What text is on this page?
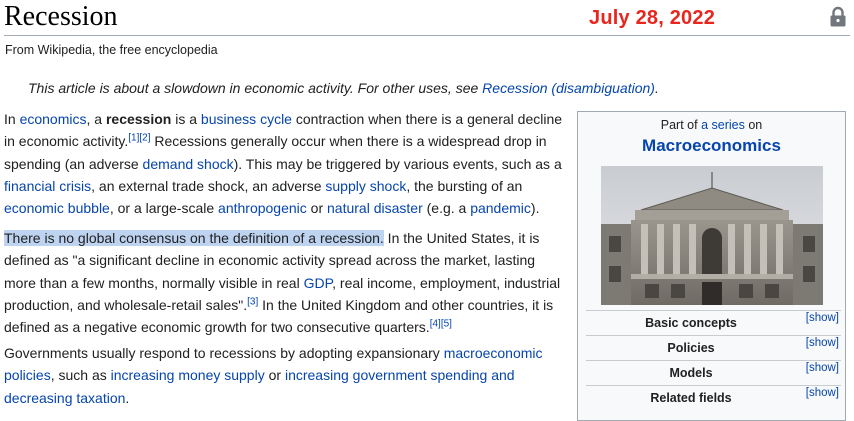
Recession	July 28, 2022
From Wikipedia, the free encyclopedia
This article is about a slowdown in economic activity. For other uses, see Recession (disambiguation).
In economics, a recession is a business cycle contraction when there is a general decline in economic activity.[1][2] Recessions generally occur when there is a widespread drop in spending (an adverse demand shock). This may be triggered by various events, such as a financial crisis, an external trade shock, an adverse supply shock, the bursting of an economic bubble, or a large-scale anthropogenic or natural disaster (e.g. a pandemic).
There is no global consensus on the definition of a recession. In the United States, it is defined as "a significant decline in economic activity spread across the market, lasting more than a few months, normally visible in real GDP, real income, employment, industrial production, and wholesale-retail sales".[3] In the United Kingdom and other countries, it is defined as a negative economic growth for two consecutive quarters.[4][5]
Governments usually respond to recessions by adopting expansionary macroeconomic policies, such as increasing money supply or increasing government spending and decreasing taxation.
Part of a series on
Macroeconomics
Basic concepts	[show]
Policies	[show]
Models	[show]
Related fields	[show]
